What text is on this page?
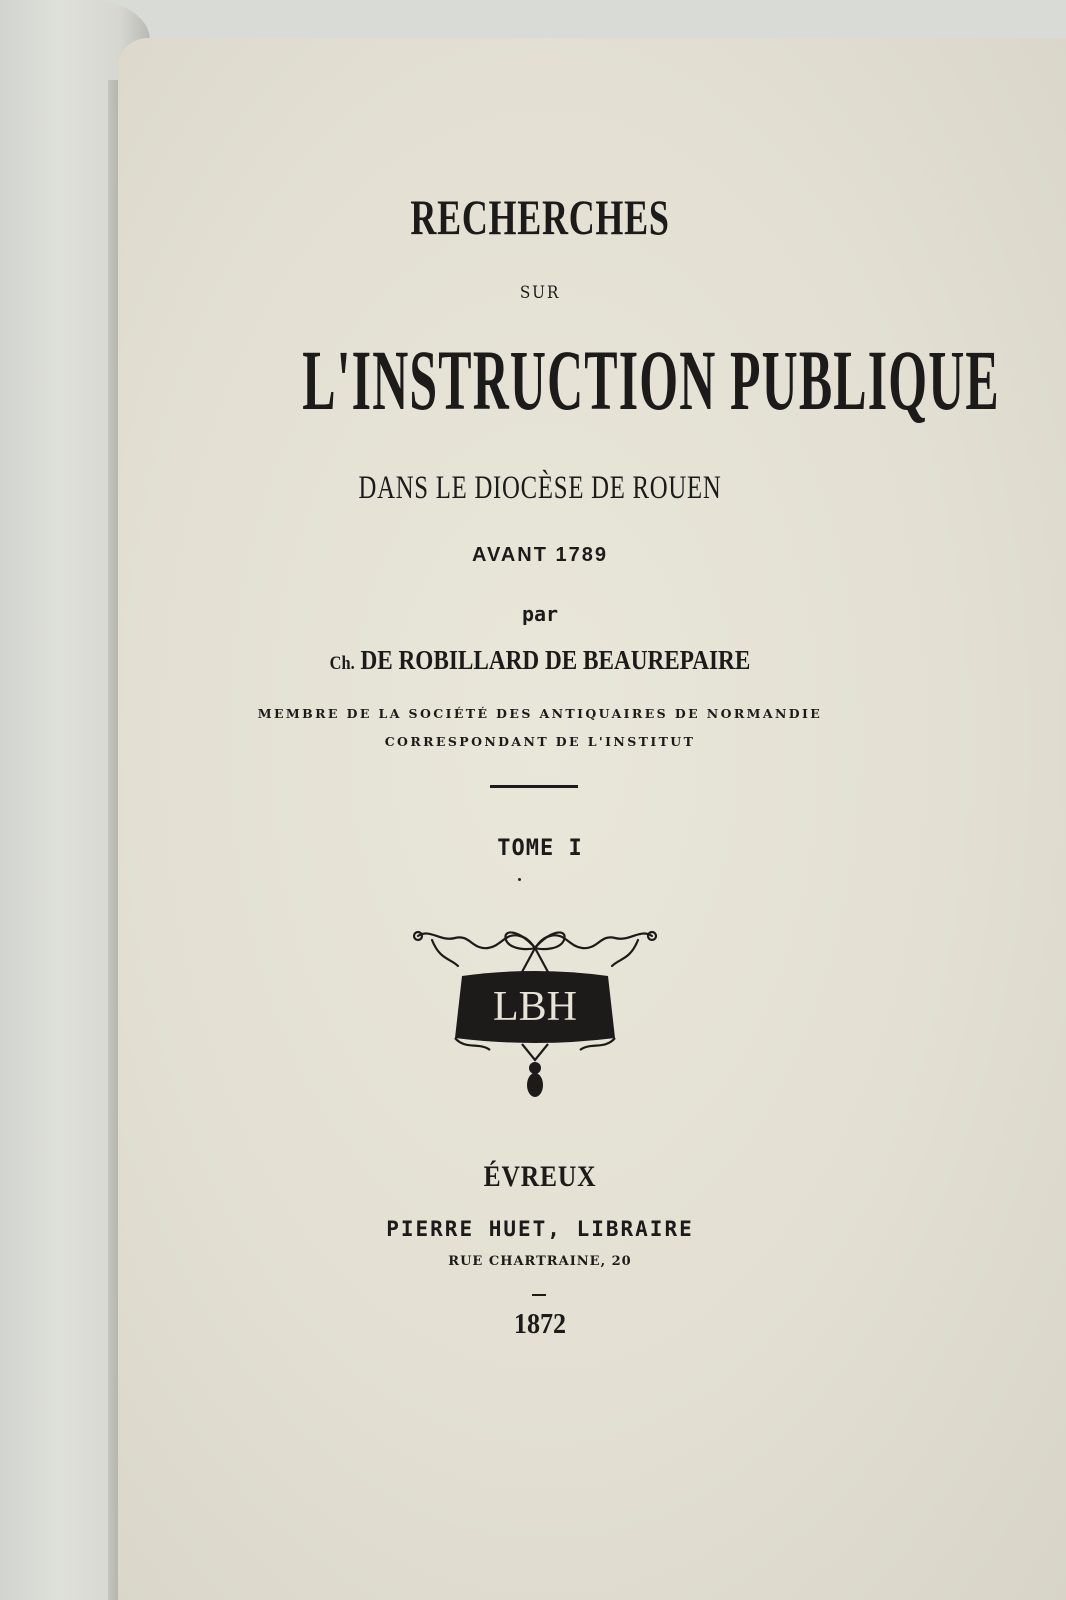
RECHERCHES
SUR
L'INSTRUCTION PUBLIQUE
DANS LE DIOCÈSE DE ROUEN
AVANT 1789
par
Ch. DE ROBILLARD DE BEAUREPAIRE
MEMBRE DE LA SOCIÉTÉ DES ANTIQUAIRES DE NORMANDIE
CORRESPONDANT DE L'INSTITUT
TOME I
LBH
ÉVREUX
PIERRE HUET, LIBRAIRE
RUE CHARTRAINE, 20
1872
